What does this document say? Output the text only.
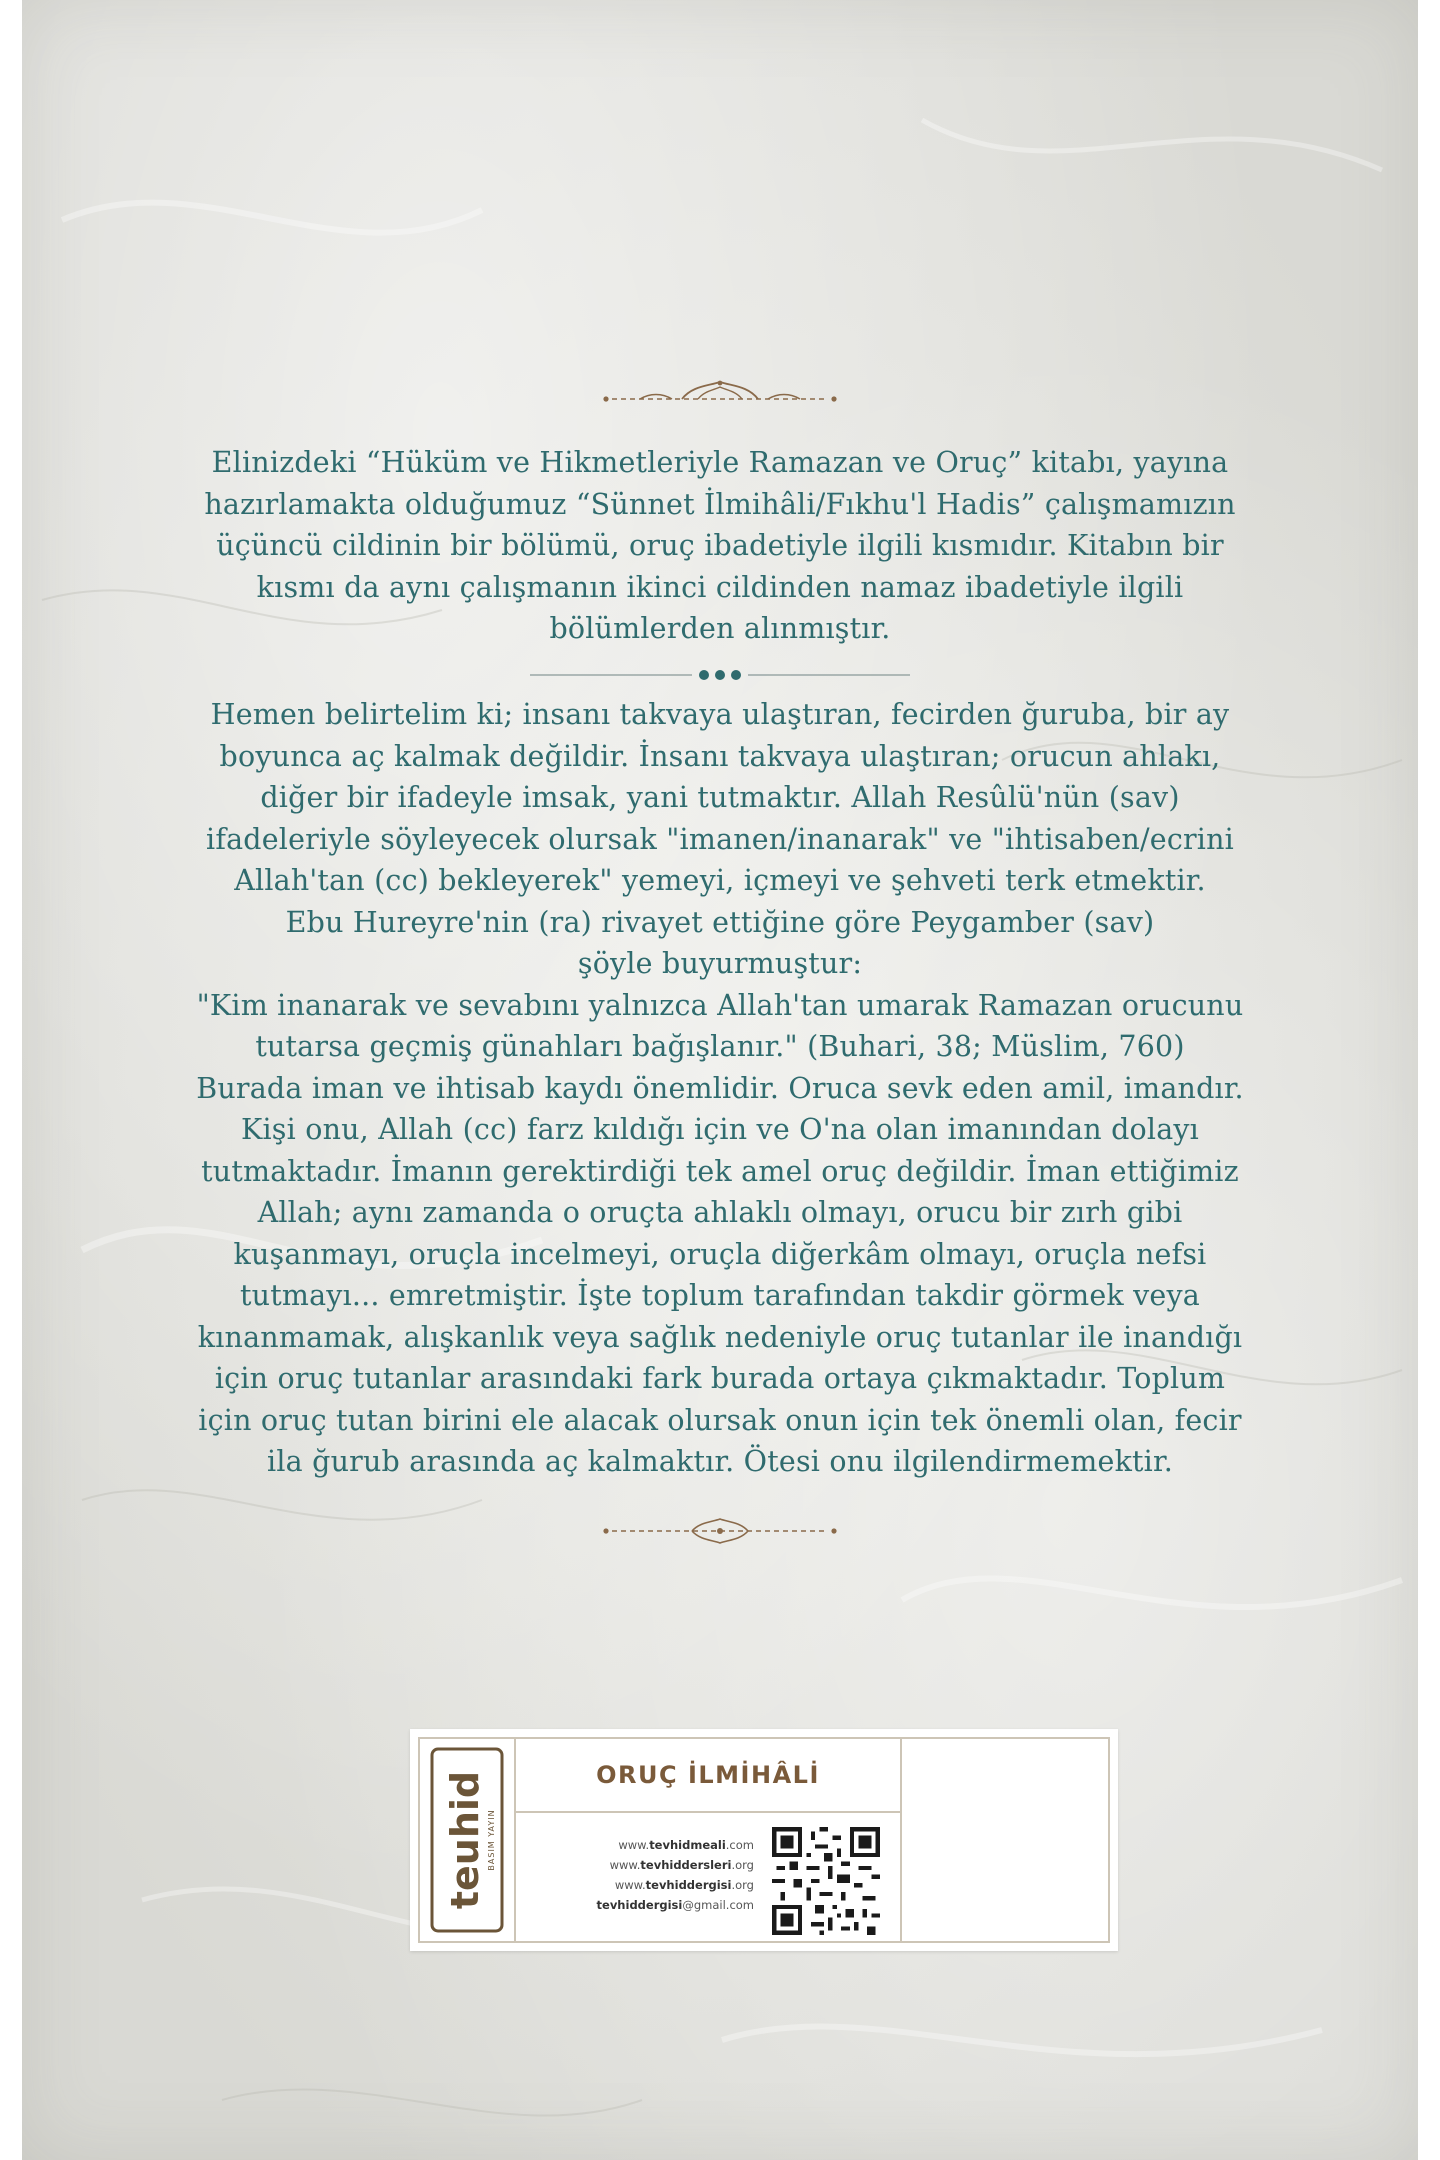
Elinizdeki “Hüküm ve Hikmetleriyle Ramazan ve Oruç” kitabı, yayına

hazırlamakta olduğumuz “Sünnet İlmihâli/Fıkhu'l Hadis” çalışmamızın

üçüncü cildinin bir bölümü, oruç ibadetiyle ilgili kısmıdır. Kitabın bir

kısmı da aynı çalışmanın ikinci cildinden namaz ibadetiyle ilgili

bölümlerden alınmıştır.

Hemen belirtelim ki; insanı takvaya ulaştıran, fecirden ğuruba, bir ay

boyunca aç kalmak değildir. İnsanı takvaya ulaştıran; orucun ahlakı,

diğer bir ifadeyle imsak, yani tutmaktır. Allah Resûlü'nün (sav)

ifadeleriyle söyleyecek olursak "imanen/inanarak" ve "ihtisaben/ecrini

Allah'tan (cc) bekleyerek" yemeyi, içmeyi ve şehveti terk etmektir.

Ebu Hureyre'nin (ra) rivayet ettiğine göre Peygamber (sav)

şöyle buyurmuştur:

"Kim inanarak ve sevabını yalnızca Allah'tan umarak Ramazan orucunu

tutarsa geçmiş günahları bağışlanır." (Buhari, 38; Müslim, 760)

Burada iman ve ihtisab kaydı önemlidir. Oruca sevk eden amil, imandır.

Kişi onu, Allah (cc) farz kıldığı için ve O'na olan imanından dolayı

tutmaktadır. İmanın gerektirdiği tek amel oruç değildir. İman ettiğimiz

Allah; aynı zamanda o oruçta ahlaklı olmayı, orucu bir zırh gibi

kuşanmayı, oruçla incelmeyi, oruçla diğerkâm olmayı, oruçla nefsi

tutmayı... emretmiştir. İşte toplum tarafından takdir görmek veya

kınanmamak, alışkanlık veya sağlık nedeniyle oruç tutanlar ile inandığı

için oruç tutanlar arasındaki fark burada ortaya çıkmaktadır. Toplum

için oruç tutan birini ele alacak olursak onun için tek önemli olan, fecir

ila ğurub arasında aç kalmaktır. Ötesi onu ilgilendirmemektir.

teuhid BASIM YAYIN
ORUÇ İLMİHÂLİ
www.tevhidmeali.com
www.tevhiddersleri.org
www.tevhiddergisi.org
tevhiddergisi@gmail.com
